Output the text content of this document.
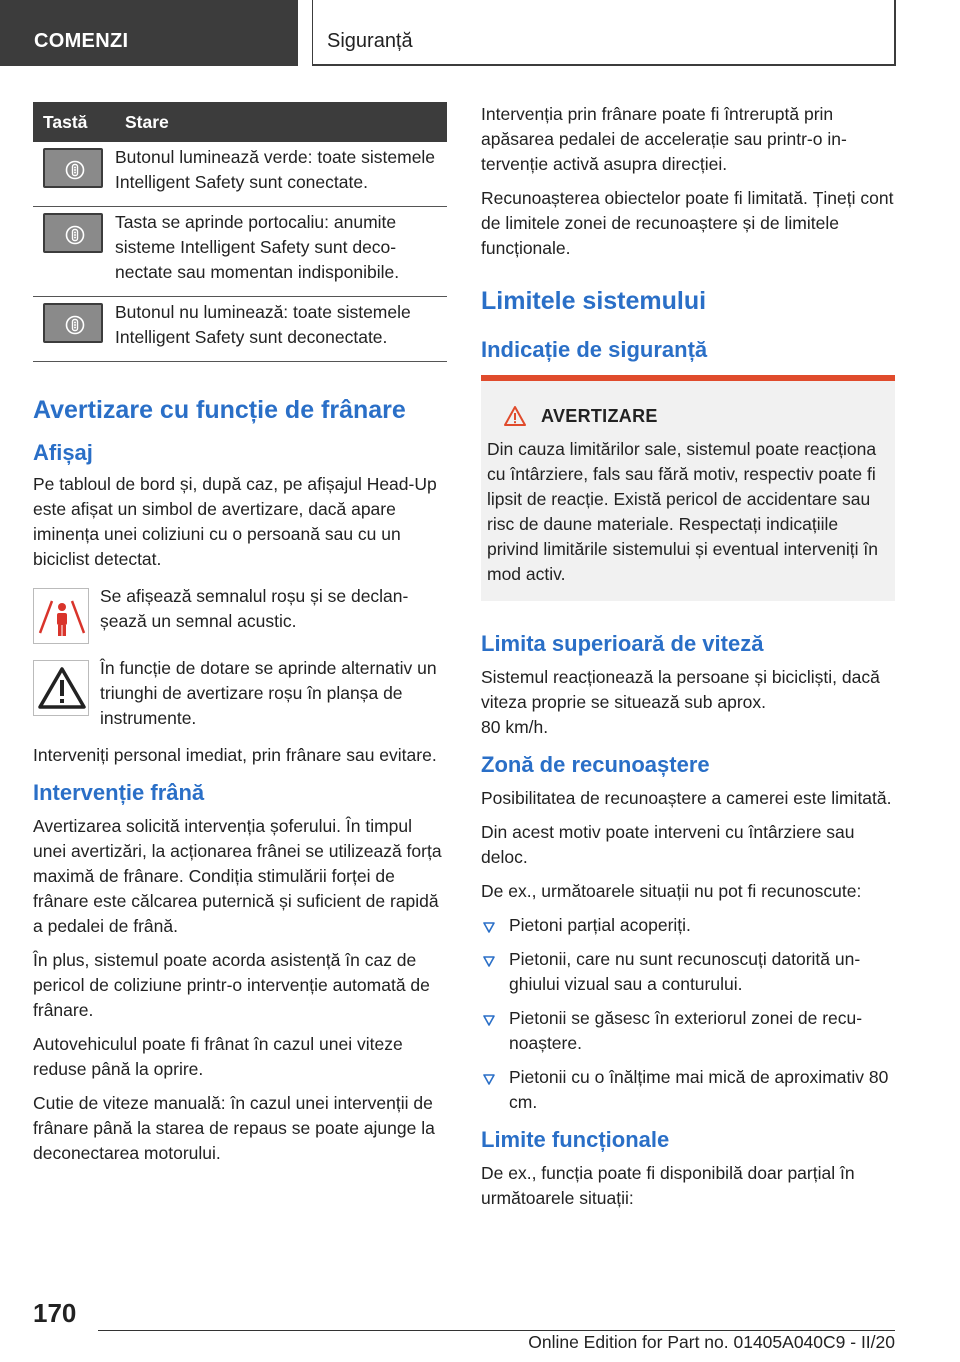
COMENZI	Siguranță
Tastă	Stare

	Butonul luminează verde: toate sistemele Intelligent Safety sunt conectate.

	Tasta se aprinde portocaliu: anumite sisteme Intelligent Safety sunt deconectate sau momentan indisponibile.

	Butonul nu luminează: toate sistemele Intelligent Safety sunt deconectate.
Avertizare cu funcție de frânare
Afișaj

Pe tabloul de bord și, după caz, pe afișajul Head-Up este afișat un simbol de avertizare, dacă apare iminența unei coliziuni cu o persoană sau cu un biciclist detectat.

Se afișează semnalul roșu și se declanșează un semnal acustic.

În funcție de dotare se aprinde alternativ un triunghi de avertizare roșu în planșa de instrumente.

Interveniți personal imediat, prin frânare sau evitare.

Intervenție frână

Avertizarea solicită intervenția șoferului. În timpul unei avertizări, la acționarea frânei se utilizează forța maximă de frânare. Condiția stimulării forței de frânare este călcarea puternică și suficient de rapidă a pedalei de frână.

În plus, sistemul poate acorda asistență în caz de pericol de coliziune printr-o intervenție automată de frânare.

Autovehiculul poate fi frânat în cazul unei viteze reduse până la oprire.

Cutie de viteze manuală: în cazul unei intervenții de frânare până la starea de repaus se poate ajunge la deconectarea motorului.

Intervenția prin frânare poate fi întreruptă prin apăsarea pedalei de accelerație sau printr-o intervenție activă asupra direcției.

Recunoașterea obiectelor poate fi limitată. Țineți cont de limitele zonei de recunoaștere și de limitele funcționale.

Limitele sistemului
Indicație de siguranță
AVERTIZARE

Din cauza limitărilor sale, sistemul poate reacționa cu întârziere, fals sau fără motiv, respectiv poate fi lipsit de reacție. Există pericol de accidentare sau risc de daune materiale. Respectați indicațiile privind limitările sistemului și eventual interveniți în mod activ.

Limita superioară de viteză

Sistemul reacționează la persoane și bicicliști, dacă viteza proprie se situează sub aprox.
80 km/h.

Zonă de recunoaștere

Posibilitatea de recunoaștere a camerei este limitată.

Din acest motiv poate interveni cu întârziere sau deloc.

De ex., următoarele situații nu pot fi recunoscute:

Pietoni parțial acoperiți.
Pietonii, care nu sunt recunoscuți datorită unghiului vizual sau a conturului.
Pietonii se găsesc în exteriorul zonei de recunoaștere.
Pietonii cu o înălțime mai mică de aproximativ 80 cm.
Limite funcționale

De ex., funcția poate fi disponibilă doar parțial în următoarele situații:

170
Online Edition for Part no. 01405A040C9 - II/20
